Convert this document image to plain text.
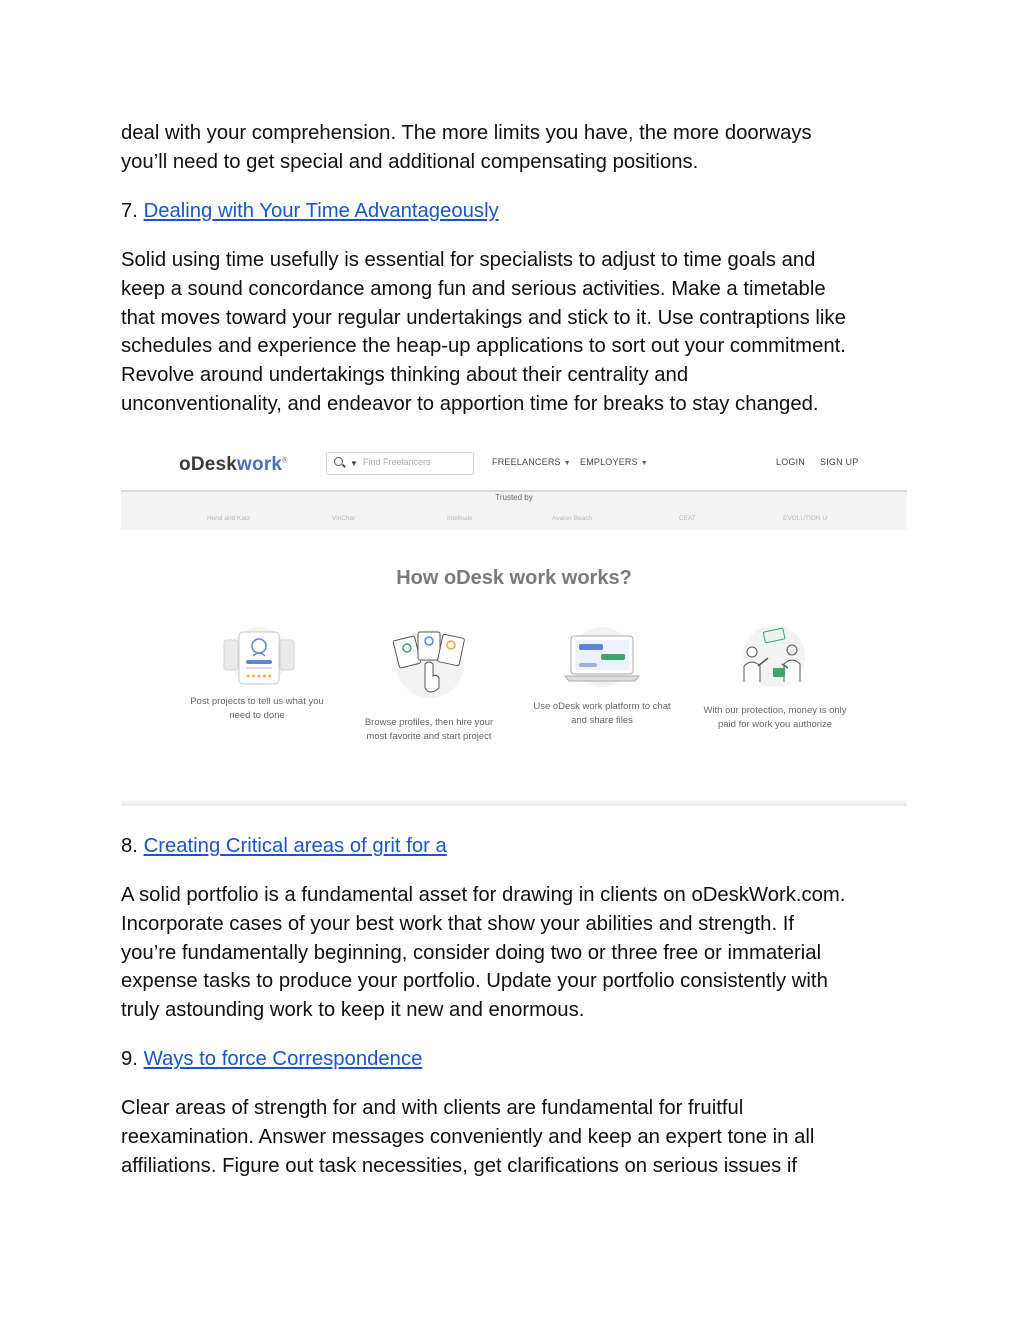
deal with your comprehension. The more limits you have, the more doorways
you’ll need to get special and additional compensating positions.
7. Dealing with Your Time Advantageously
Solid using time usefully is essential for specialists to adjust to time goals and
keep a sound concordance among fun and serious activities. Make a timetable
that moves toward your regular undertakings and stick to it. Use contraptions like
schedules and experience the heap-up applications to sort out your commitment.
Revolve around undertakings thinking about their centrality and
unconventionality, and endeavor to apportion time for breaks to stay changed.
oDeskwork®	▼ Find Freelancers	FREELANCERS ▼ EMPLOYERS ▼	LOGIN SIGN UP
Trusted by
Hund and Katz	VinChat	Intellsale	Avalon Beach	CEAT	EVOLUTION U
How oDesk work works?
★★★★★
Post projects to tell us what you
need to done
Browse profiles, then hire your
most favorite and start project
Use oDesk work platform to chat
and share files
With our protection, money is only
paid for work you authorize
8. Creating Critical areas of grit for a
A solid portfolio is a fundamental asset for drawing in clients on oDeskWork.com.
Incorporate cases of your best work that show your abilities and strength. If
you’re fundamentally beginning, consider doing two or three free or immaterial
expense tasks to produce your portfolio. Update your portfolio consistently with
truly astounding work to keep it new and enormous.
9. Ways to force Correspondence
Clear areas of strength for and with clients are fundamental for fruitful
reexamination. Answer messages conveniently and keep an expert tone in all
affiliations. Figure out task necessities, get clarifications on serious issues if
